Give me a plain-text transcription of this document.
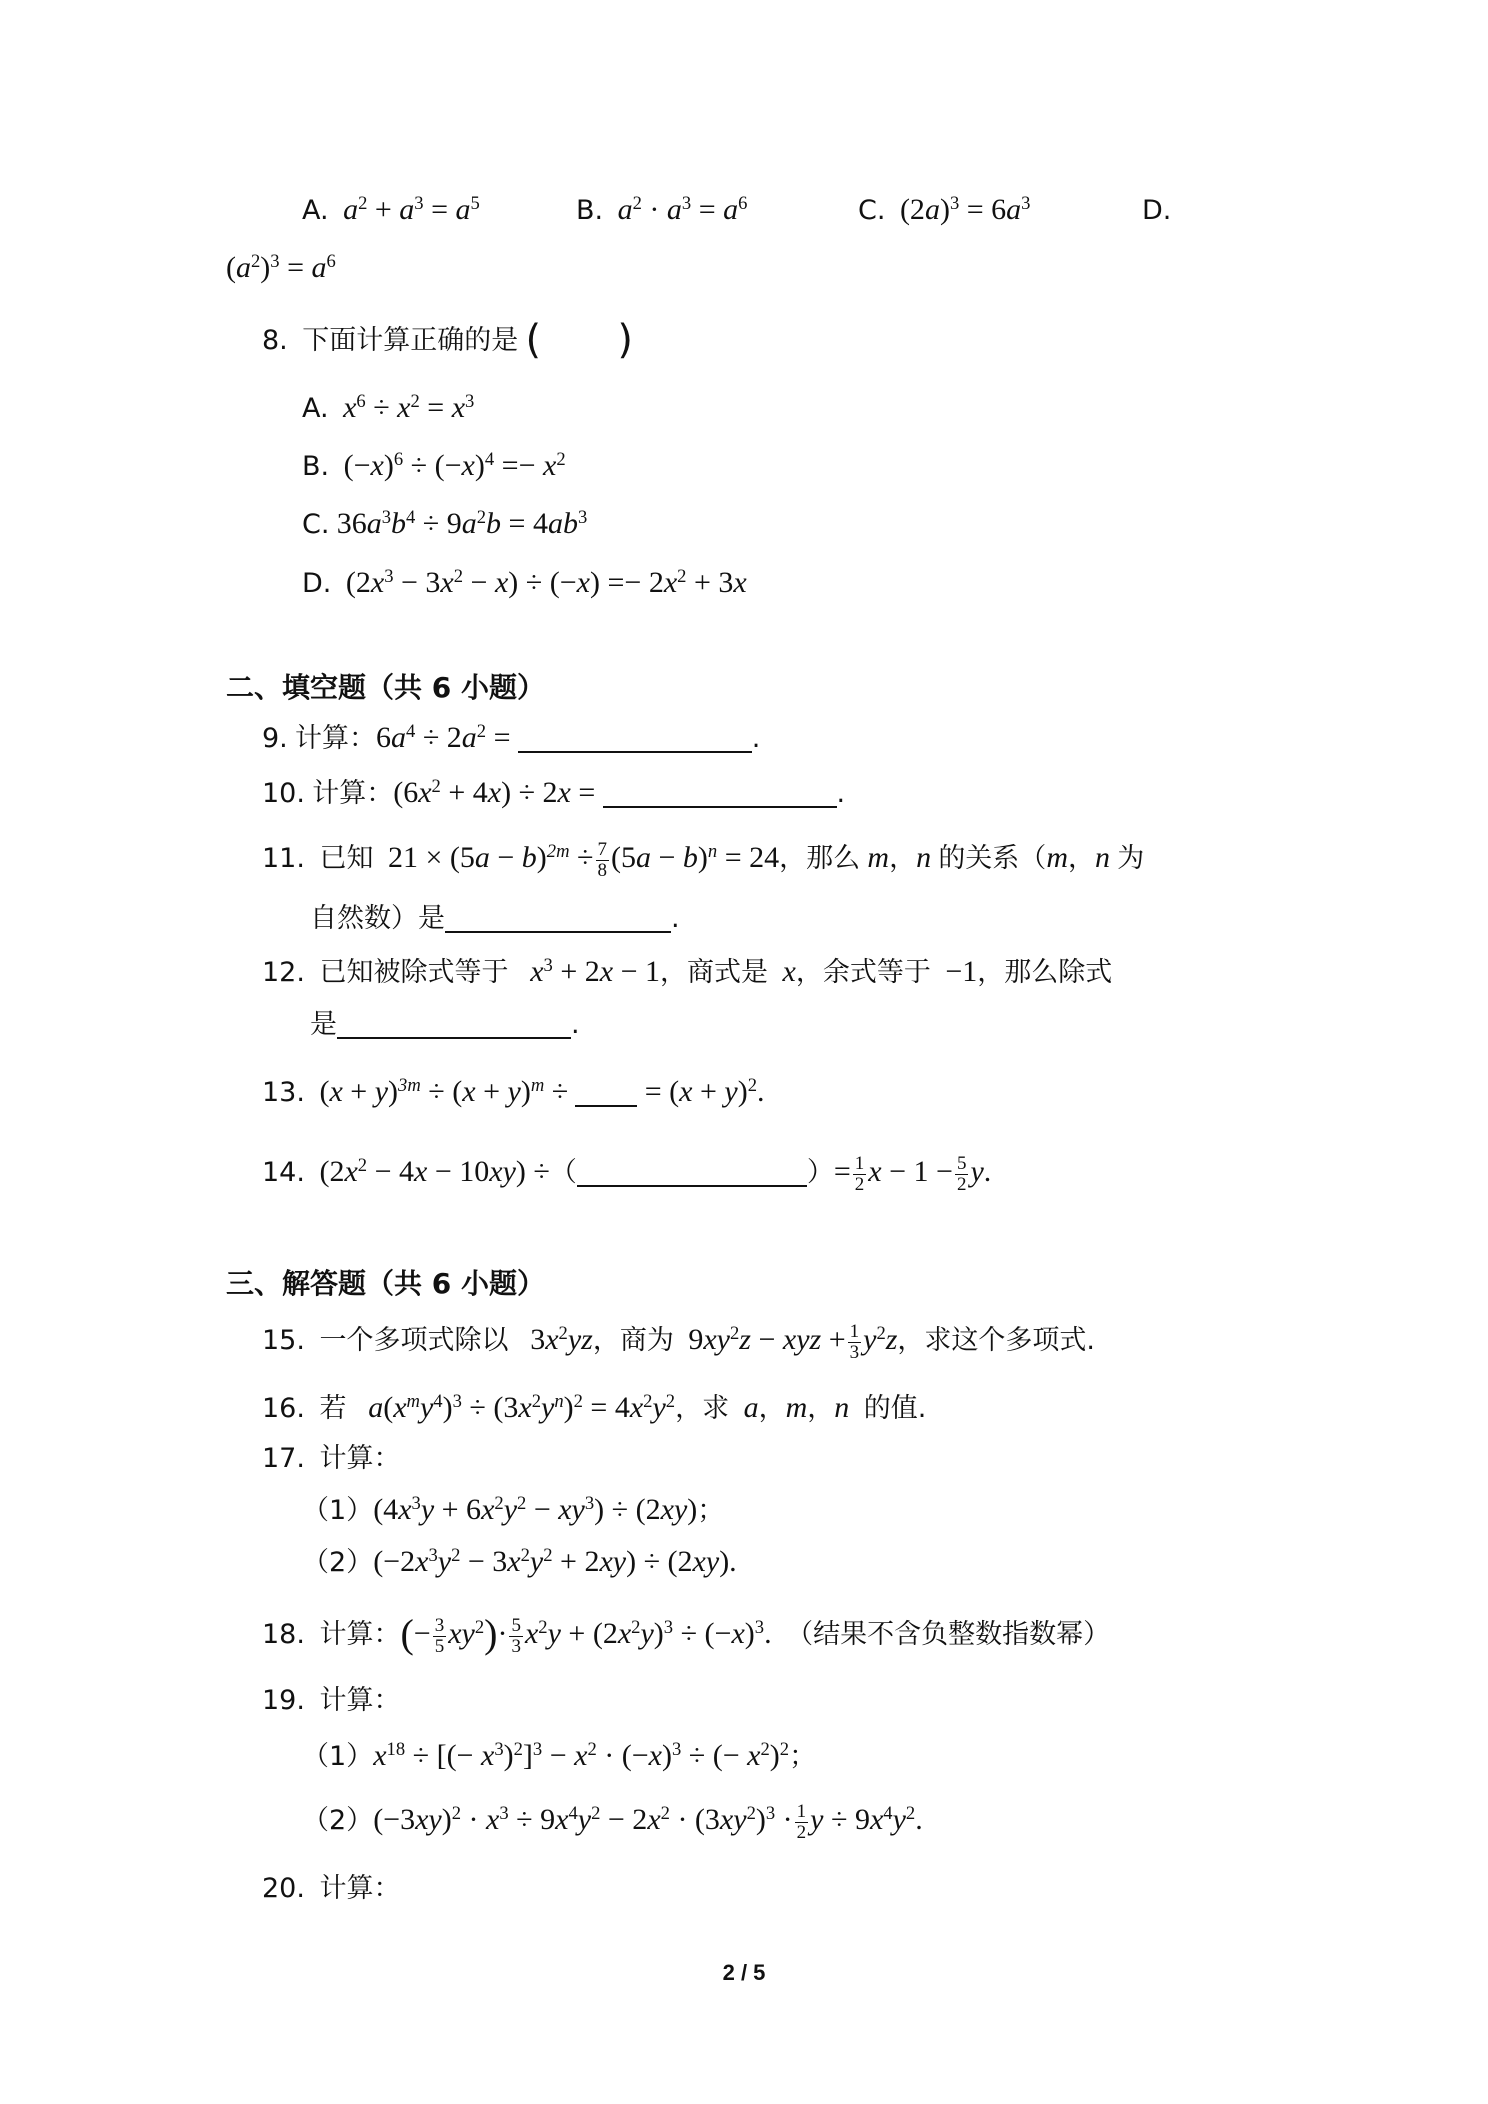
A. $a^2 + a^3 = a^5$	B. $a^2 \cdot a^3 = a^6$	C. $(2a)^3 = 6a^3$	D.
$(a^2)^3 = a^6$
8. 下面计算正确的是 (      )
A. $x^6 \div x^2 = x^3$
B. $(-x)^6 \div (-x)^4 =- x^2$
C. $36a^3b^4 \div 9a^2b = 4ab^3$
D. $(2x^3 - 3x^2 - x) \div (-x) =- 2x^2 + 3x$
二、填空题（共 6 小题）
9. 计算：$6a^4 \div 2a^2$ =	.
10. 计算：$(6x^2 + 4x) \div 2x$ =	.
11. 已知 $21 \times (5a - b)^{2m} \div \frac{7}{8} (5a - b)^n = 24$，那么 m，n 的关系（m，n 为
自然数）是	.
12. 已知被除式等于 $x^3 + 2x - 1$，商式是 x，余式等于 −1，那么除式
是	.
13. $(x + y)^{3m} \div (x + y)^m$ ÷	= $(x + y)^2$.
14. $(2x^2 - 4x - 10xy)$ ÷（	）= $\frac{1}{2}$ $x - 1 - \frac{5}{2} y$.
三、解答题（共 6 小题）
15. 一个多项式除以 $3x^2yz$，商为 $9xy^2z$ − xyz + $\frac{1}{3} y^2z$，求这个多项式.
16. 若 $a(x^my^4)^3 \div (3x^2y^n)^2 = 4x^2y^2$，求 a，m，n 的值.
17. 计算：
$(1)(4x^3y + 6x^2y^2 - xy^3) \div (2xy)$；
$(2)(-2x^3y^2 - 3x^2y^2 + 2xy) \div (2xy)$.
18. 计算：(− $\frac{3}{5} xy^2)\cdot \frac{5}{3} x^2y + (2x^2y)^3 \div (-x)^3$. （结果不含负整数指数幂）
19. 计算：
$(1)x^{18}$ ÷ [(− $x^3)^2]^3 - x^2 \cdot (-x)^3$ ÷ (− $x^2)^2$；
$(2)(-3xy)^2 \cdot x^3 \div 9x^4y^2 - 2x^2 \cdot (3xy^2)^3 \cdot \frac{1}{2}$ $y \div 9x^4y^2$.
20. 计算：
2 / 5
